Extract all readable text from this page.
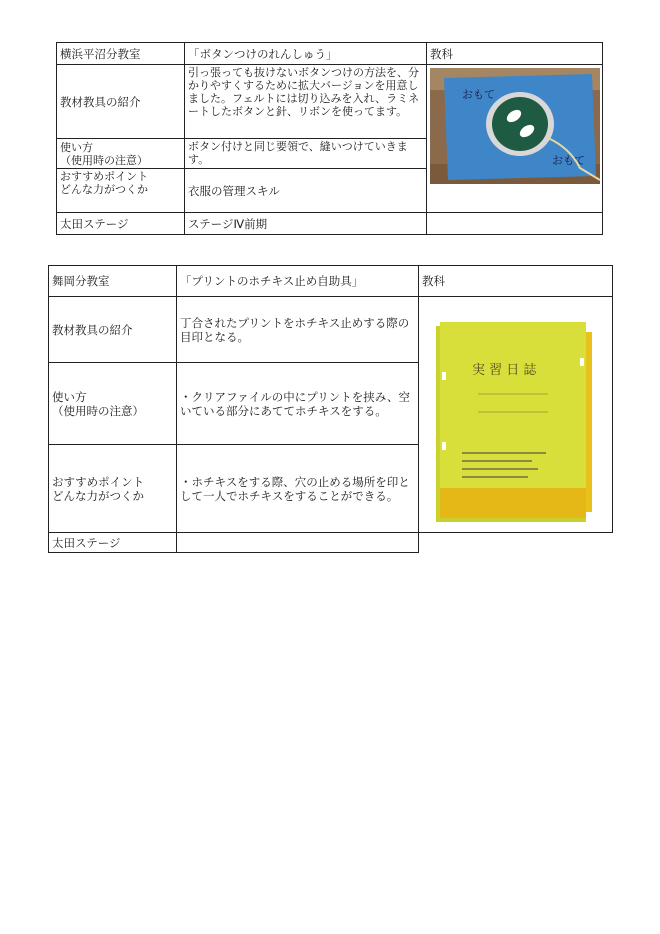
横浜平沼分教室	「ボタンつけのれんしゅう」	教科
教材教具の紹介	引っ張っても抜けないボタンつけの方法を、分かりやすくするために拡大バージョンを用意しました。フェルトには切り込みを入れ、ラミネートしたボタンと針、リボンを使ってます。	おもて
おもて

使い方
（使用時の注意）	ボタン付けと同じ要領で、縫いつけていきます。	
おすすめポイント
どんな力がつくか	衣服の管理スキル	
太田ステージ	ステージⅣ前期	
舞岡分教室	「プリントのホチキス止め自助具」	教科
教材教具の紹介	丁合されたプリントをホチキス止めする際の目印となる。	実 習 日 誌

使い方
（使用時の注意）	・クリアファイルの中にプリントを挟み、空いている部分にあててホチキスをする。	
おすすめポイント
どんな力がつくか	・ホチキスをする際、穴の止める場所を印として一人でホチキスをすることができる。	
太田ステージ		
